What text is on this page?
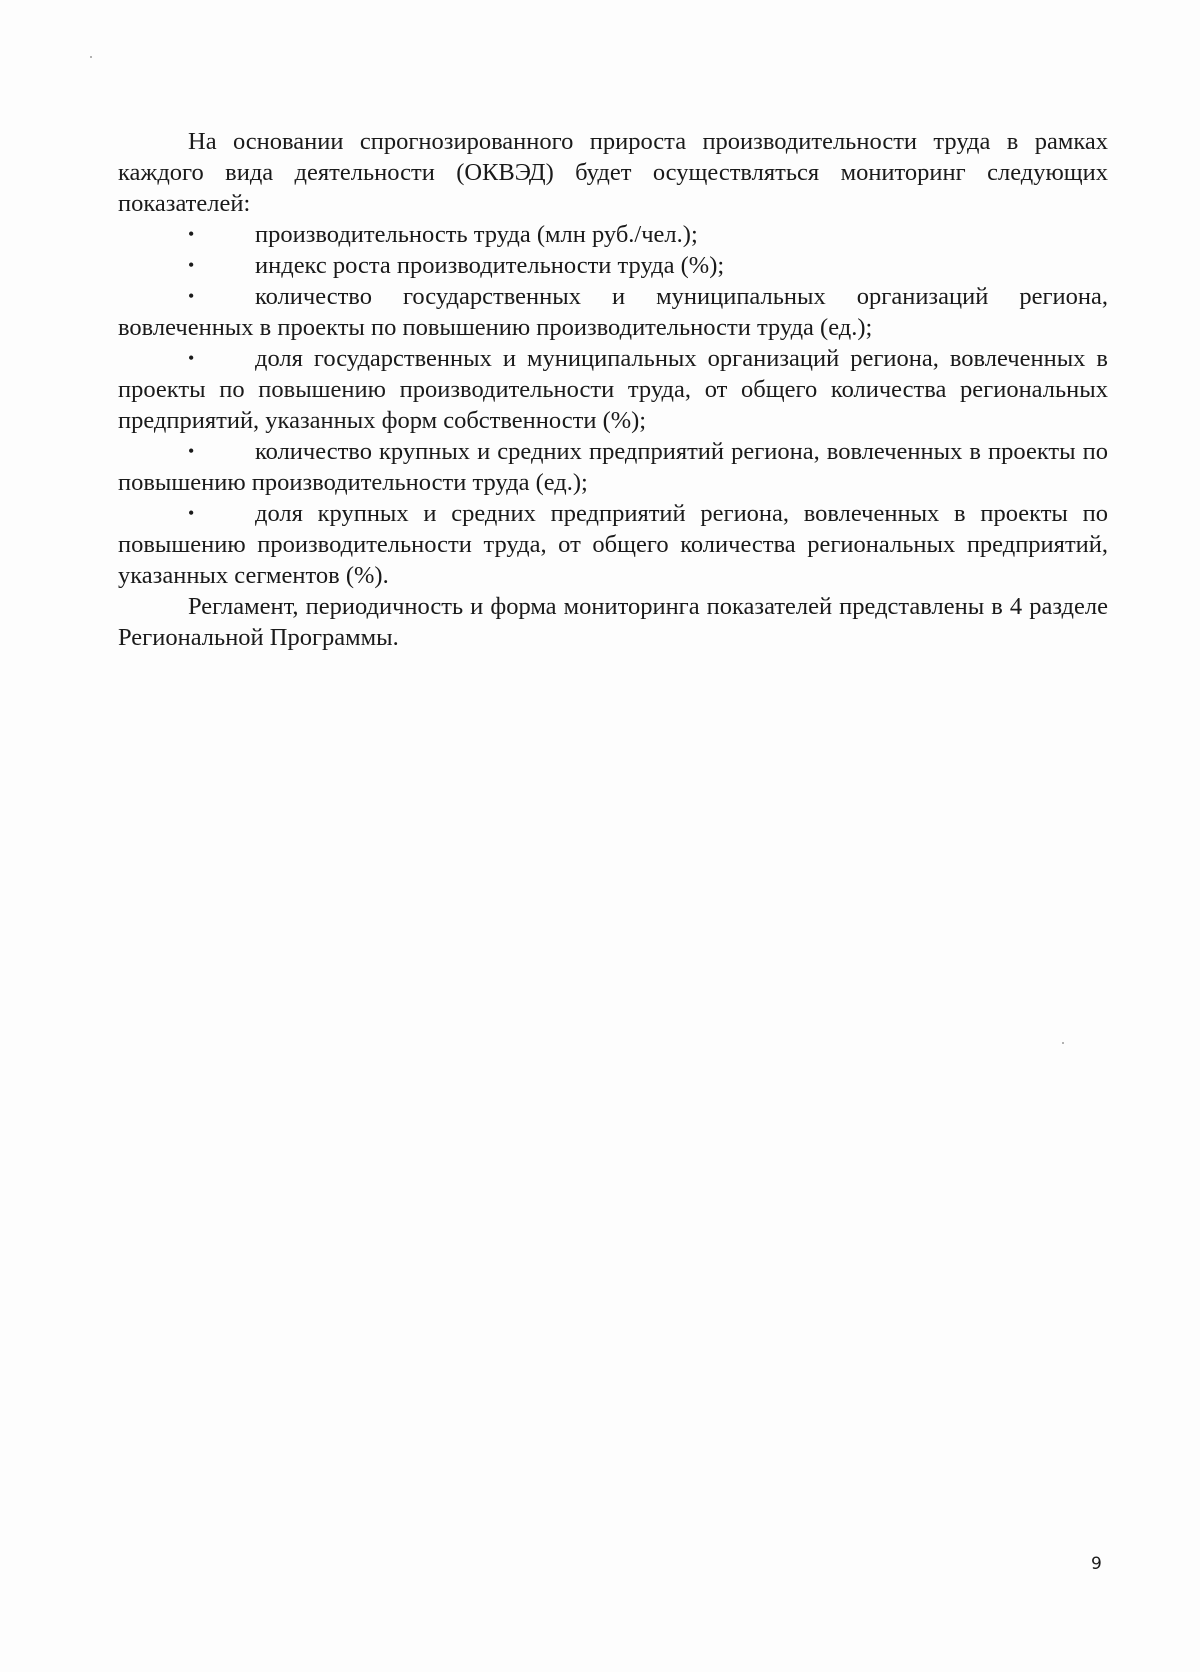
На основании спрогнозированного прироста производительности труда в рамках каждого вида деятельности (ОКВЭД) будет осуществляться мониторинг следующих показателей:

• производительность труда (млн руб./чел.);
• индекс роста производительности труда (%);
• количество государственных и муниципальных организаций региона, вовлеченных в проекты по повышению производительности труда (ед.);
• доля государственных и муниципальных организаций региона, вовлеченных в проекты по повышению производительности труда, от общего количества региональных предприятий, указанных форм собственности (%);
• количество крупных и средних предприятий региона, вовлеченных в проекты по повышению производительности труда (ед.);
• доля крупных и средних предприятий региона, вовлеченных в проекты по повышению производительности труда, от общего количества региональных предприятий, указанных сегментов (%).

Регламент, периодичность и форма мониторинга показателей представлены в 4 разделе Региональной Программы.

9
